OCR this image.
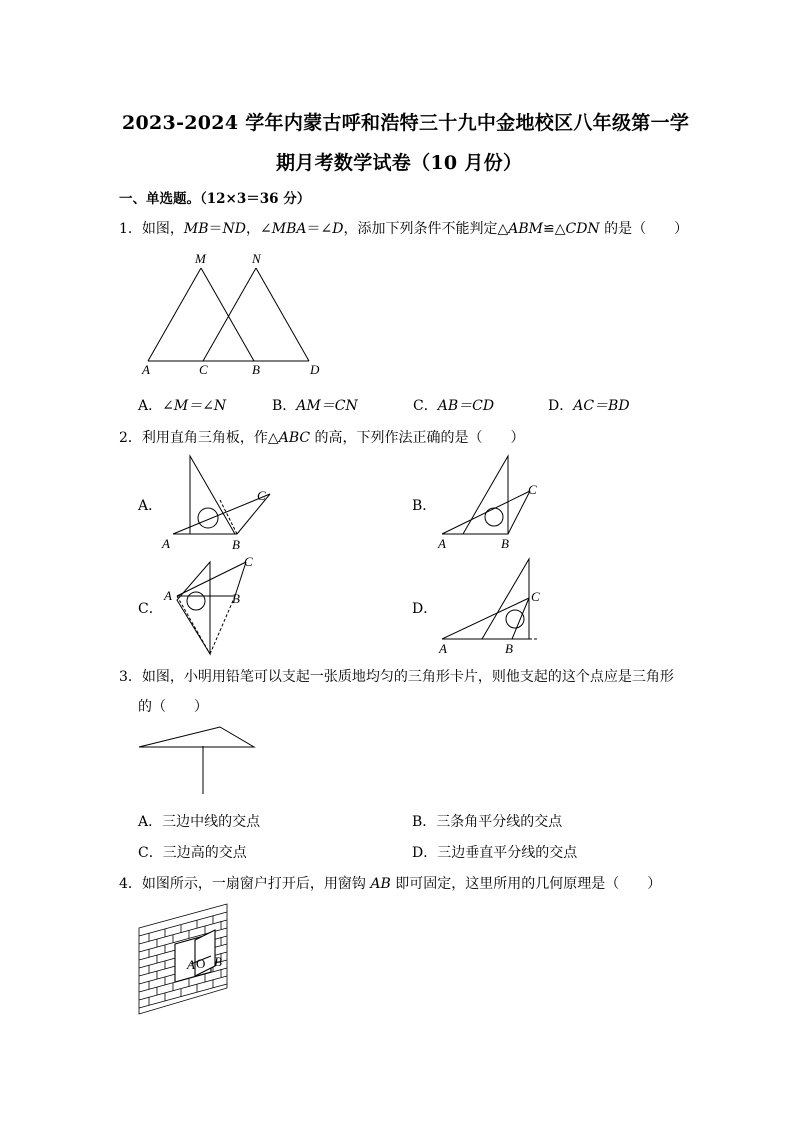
2023-2024 学年内蒙古呼和浩特三十九中金地校区八年级第一学
期月考数学试卷（10 月份）
一、单选题。（12×3＝36 分）
1．如图，MB＝ND，∠MBA＝∠D，添加下列条件不能判定△ABM≌△CDN 的是（　　）
M	N
A	C	B	D
A．∠M＝∠N	B．AM＝CN	C．AB＝CD	D．AC＝BD
2．利用直角三角板，作△ABC 的高，下列作法正确的是（　　）
A．
A	B
C
B．
A	B
C
C．
A	B
C
D．
A	B
C
3．如图，小明用铅笔可以支起一张质地均匀的三角形卡片，则他支起的这个点应是三角形
的（　　）
A．三边中线的交点	B．三条角平分线的交点
C．三边高的交点	D．三边垂直平分线的交点
4．如图所示，一扇窗户打开后，用窗钩 AB 即可固定，这里所用的几何原理是（　　）
A O B
